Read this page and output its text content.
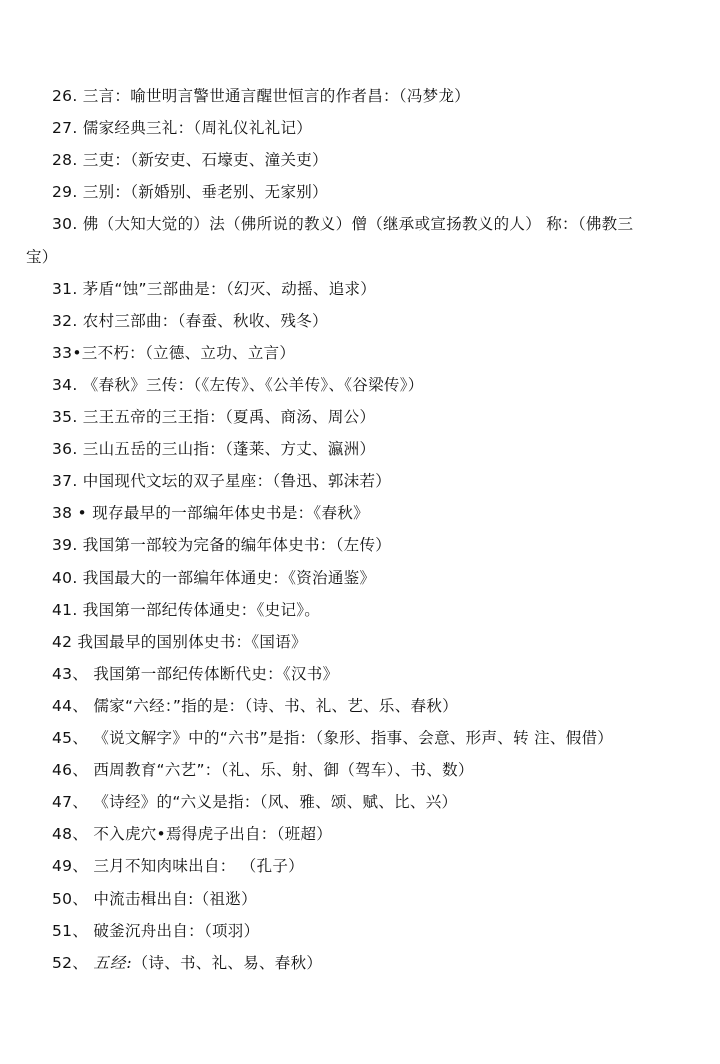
26. 三言：喻世明言警世通言醒世恒言的作者昌：（冯梦龙）
27. 儒家经典三礼：（周礼仪礼礼记）
28. 三吏：（新安吏、石壕吏、潼关吏）
29. 三别：（新婚别、垂老别、无家别）
30. 佛（大知大觉的）法（佛所说的教义）僧（继承或宣扬教义的人） 称：（佛教三
宝）
31. 茅盾“蚀”三部曲是：（幻灭、动摇、追求）
32. 农村三部曲：（春蚕、秋收、残冬）
33•三不朽：（立德、立功、立言）
34. 《春秋》三传：（《左传》、《公羊传》、《谷梁传》）
35. 三王五帝的三王指：（夏禹、商汤、周公）
36. 三山五岳的三山指：（蓬莱、方丈、瀛洲）
37. 中国现代文坛的双子星座：（鲁迅、郭沫若）
38 • 现存最早的一部编年体史书是：《春秋》
39. 我国第一部较为完备的编年体史书：（左传）
40. 我国最大的一部编年体通史：《资治通鉴》
41. 我国第一部纪传体通史：《史记》。
42 我国最早的国别体史书：《国语》
43、 我国第一部纪传体断代史：《汉书》
44、 儒家“六经：”指的是：（诗、书、礼、艺、乐、春秋）
45、 《说文解字》中的“六书”是指：（象形、指事、会意、形声、转 注、假借）
46、 西周教育“六艺”：（礼、乐、射、御（驾车）、书、数）
47、 《诗经》的“六义是指：（风、雅、颂、赋、比、兴）
48、 不入虎穴•焉得虎子出自：（班超）
49、 三月不知肉味出自： （孔子）
50、 中流击楫出自:（祖逖）
51、 破釜沉舟出自：（项羽）
52、 五经:（诗、书、礼、易、春秋）
